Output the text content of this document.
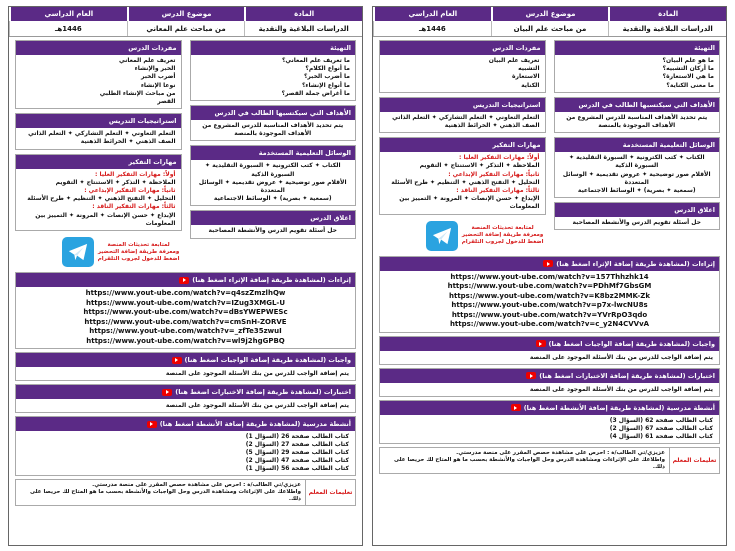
المادة
موضوع الدرس
العام الدراسي
الدراسات البلاغية والنقدية
من مباحث علم البيان
1446هـ
التهيئة
ما هو علم البيان؟
ما أركان التشبيه؟
ما هي الاستعارة؟
ما معنى الكناية؟
الأهداف التي سيكتسبها الطالب في الدرس
يتم تحديد الأهداف المناسبة للدرس المشروع من الأهداف الموجودة بالمنصة
الوسائل التعليمية المستخدمة
الكتاب ✦ كتب الكترونية ✦ السبورة التقليدية ✦ السبورة الذكية
الأقلام صور توضيحية ✦ عروض تقديمية ✦ الوسائل المتعددة
(سمعية ✦ بصرية) ✦ الوسائط الاجتماعية
اغلاق الدرس
حل أسئلة تقويم الدرس والأنشطة المصاحبة
مفردات الدرس
تعريف علم البيان
التشبيه
الاستعارة
الكناية
استراتيجيات التدريس
التعلم التعاوني ✦ التعلم التشاركي ✦ التعلم الذاتي
الصف الذهني ✦ الخرائط الذهنية
مهارات التفكير
أولاً: مهارات التفكير العليا :
الملاحظة ✦ التذكر ✦ الاستنتاج ✦ التقويم
ثانياً: مهارات التفكير الإبداعي :
التحليل ✦ التفتح الذهني ✦ التنظيم ✦ طرح الأسئلة
ثالثاً: مهارات التفكير الناقد :
الإبداع ✦ حسن الإنصات ✦ المرونة ✦ التمييز بين المعلومات
لمتابعة تحديثات المنصة
ومعرفة طريقة إضافة التحضير
اضغط للدخول لجروب التلقرام
إثراءات (لمشاهدة طريقة إضافة الإثراء اضغط هنا)
https://www.yout-ube.com/watch?v=157Thhzhk14
https://www.yout-ube.com/watch?v=PDhMf7GbsGM
https://www.yout-ube.com/watch?v=K8bz2MMK-Zk
https://www.yout-ube.com/watch?v=p7x-lwcNU8s
https://www.yout-ube.com/watch?v=YVrRpO3qdo
https://www.yout-ube.com/watch?v=c_y2N4CVVvA
واجبات (لمشاهدة طريقة إضافة الواجبات اضغط هنا)
يتم إضافة الواجب للدرس من بنك الأسئلة الموجود على المنصة
اختبارات (لمشاهدة طريقة إضافة الاختبارات اضغط هنا)
يتم إضافة الواجب للدرس من بنك الأسئلة الموجود على المنصة
أنشطة مدرسية (لمشاهدة طريقة إضافة الأنشطة اضغط هنا)
كتاب الطالب صفحة 62 (السؤال 3)
كتاب الطالب صفحة 67 (السؤال 2)
كتاب الطالب صفحة 61 (السؤال 4)
تعليمات المعلم
عزيزي/تي الطالب/ة : احرص على مشاهدة حصص المقرر على منصة مدرستي.
واطلاعك على الإثراءات ومشاهدة الدرس وحل الواجبات والأنشطة بحسب ما هو المتاح لك حريصا على ذلك.
المادة
موضوع الدرس
العام الدراسي
الدراسات البلاغية والنقدية
من مباحث علم المعاني
1446هـ
التهيئة
ما تعريف علم المعاني؟
ما أنواع الكلام؟
ما أضرب الخبر؟
ما أنواع الإنشاء؟
ما أغراض جملة القصر؟
الأهداف التي سيكتسبها الطالب في الدرس
يتم تحديد الأهداف المناسبة للدرس المشروع من الأهداف الموجودة بالمنصة
الوسائل التعليمية المستخدمة
الكتاب ✦ كتب الكترونية ✦ السبورة التقليدية ✦ السبورة الذكية
الأقلام صور توضيحية ✦ عروض تقديمية ✦ الوسائل المتعددة
(سمعية ✦ بصرية) ✦ الوسائط الاجتماعية
اغلاق الدرس
حل أسئلة تقويم الدرس والأنشطة المصاحبة
مفردات الدرس
تعريف علم المعاني
الخبر والإنشاء
أضرب الخبر
نوعا الإنشاء
من مباحث الإنشاء الطلبي
القصر
استراتيجيات التدريس
التعلم التعاوني ✦ التعلم التشاركي ✦ التعلم الذاتي
الصف الذهني ✦ الخرائط الذهنية
مهارات التفكير
أولاً: مهارات التفكير العليا :
الملاحظة ✦ التذكر ✦ الاستنتاج ✦ التقويم
ثانياً: مهارات التفكير الإبداعي :
التحليل ✦ التفتح الذهني ✦ التنظيم ✦ طرح الأسئلة
ثالثاً: مهارات التفكير الناقد :
الإبداع ✦ حسن الإنصات ✦ المرونة ✦ التمييز بين المعلومات
لمتابعة تحديثات المنصة
ومعرفة طريقة إضافة التحضير
اضغط للدخول لجروب التلقرام
إثراءات (لمشاهدة طريقة إضافة الإثراء اضغط هنا)
https://www.yout-ube.com/watch?v=q4szZmzlhQw
https://www.yout-ube.com/watch?v=IZug3XMGL-U
https://www.yout-ube.com/watch?v=dBsYWEPWESc
https://www.yout-ube.com/watch?v=cmSnH-ZORVE
https://www.yout-ube.com/watch?v=_zfTe35zwuI
https://www.yout-ube.com/watch?v=wl9j2hgGPBQ
واجبات (لمشاهدة طريقة إضافة الواجبات اضغط هنا)
يتم إضافة الواجب للدرس من بنك الأسئلة الموجود على المنصة
اختبارات (لمشاهدة طريقة إضافة الاختبارات اضغط هنا)
يتم إضافة الواجب للدرس من بنك الأسئلة الموجود على المنصة
أنشطة مدرسية (لمشاهدة طريقة إضافة الأنشطة اضغط هنا)
كتاب الطالب صفحة 26 (السؤال 1)
كتاب الطالب صفحة 27 (السؤال 2)
كتاب الطالب صفحة 29 (السؤال 5)
كتاب الطالب صفحة 47 (السؤال 2)
كتاب الطالب صفحة 56 (السؤال 1)
تعليمات المعلم
عزيزي/تي الطالب/ة : احرص على مشاهدة حصص المقرر على منصة مدرستي.
واطلاعك على الإثراءات ومشاهدة الدرس وحل الواجبات والأنشطة بحسب ما هو المتاح لك حريصا على ذلك.
